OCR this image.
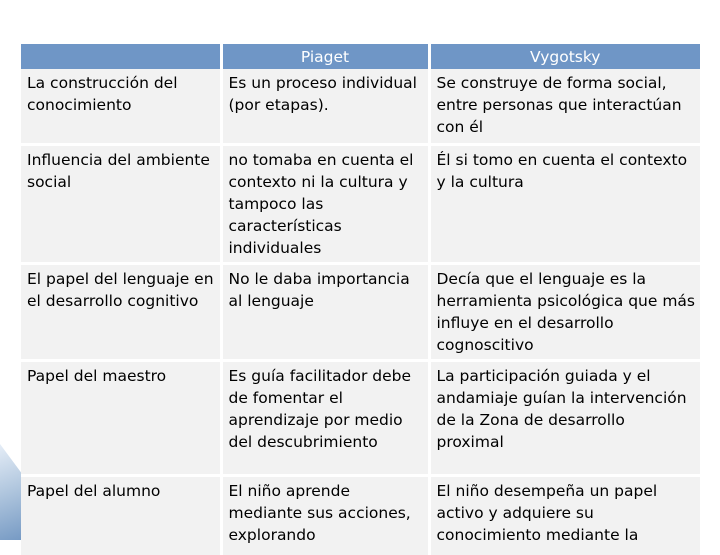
	Piaget	Vygotsky
La construcción del conocimiento	Es un proceso individual (por etapas).	Se construye de forma social, entre personas que interactúan con él
Influencia del ambiente social	no tomaba en cuenta el contexto ni la cultura y tampoco las características individuales	Él si tomo en cuenta el contexto y la cultura
El papel del lenguaje en el desarrollo cognitivo	No le daba importancia al lenguaje	Decía que el lenguaje es la herramienta psicológica que más influye en el desarrollo cognoscitivo
Papel del maestro	Es guía facilitador debe de fomentar el aprendizaje por medio del descubrimiento	La participación guiada y el andamiaje guían la intervención de la Zona de desarrollo proximal
Papel del alumno	El niño aprende mediante sus acciones, explorando	El niño desempeña un papel activo y adquiere su conocimiento mediante la
